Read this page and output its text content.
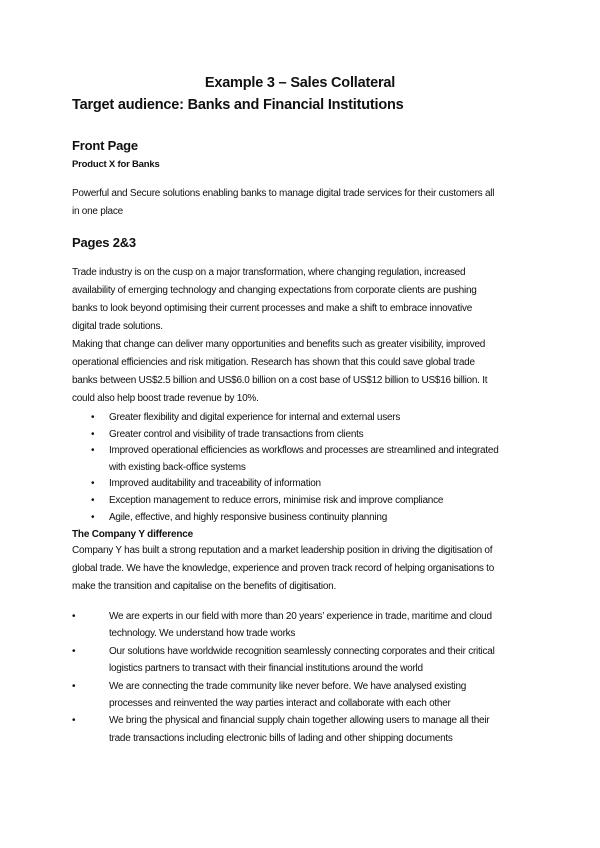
Example 3 – Sales Collateral
Target audience: Banks and Financial Institutions
Front Page
Product X for Banks
Powerful and Secure solutions enabling banks to manage digital trade services for their customers all
in one place
Pages 2&3
Trade industry is on the cusp on a major transformation, where changing regulation, increased
availability of emerging technology and changing expectations from corporate clients are pushing
banks to look beyond optimising their current processes and make a shift to embrace innovative
digital trade solutions.
Making that change can deliver many opportunities and benefits such as greater visibility, improved
operational efficiencies and risk mitigation. Research has shown that this could save global trade
banks between US$2.5 billion and US$6.0 billion on a cost base of US$12 billion to US$16 billion. It
could also help boost trade revenue by 10%.
• Greater flexibility and digital experience for internal and external users
• Greater control and visibility of trade transactions from clients
• Improved operational efficiencies as workflows and processes are streamlined and integrated
with existing back-office systems
• Improved auditability and traceability of information
• Exception management to reduce errors, minimise risk and improve compliance
• Agile, effective, and highly responsive business continuity planning
The Company Y difference
Company Y has built a strong reputation and a market leadership position in driving the digitisation of
global trade. We have the knowledge, experience and proven track record of helping organisations to
make the transition and capitalise on the benefits of digitisation.
•	We are experts in our field with more than 20 years’ experience in trade, maritime and cloud
technology. We understand how trade works
•	Our solutions have worldwide recognition seamlessly connecting corporates and their critical
logistics partners to transact with their financial institutions around the world
•	We are connecting the trade community like never before. We have analysed existing
processes and reinvented the way parties interact and collaborate with each other
•	We bring the physical and financial supply chain together allowing users to manage all their
trade transactions including electronic bills of lading and other shipping documents
